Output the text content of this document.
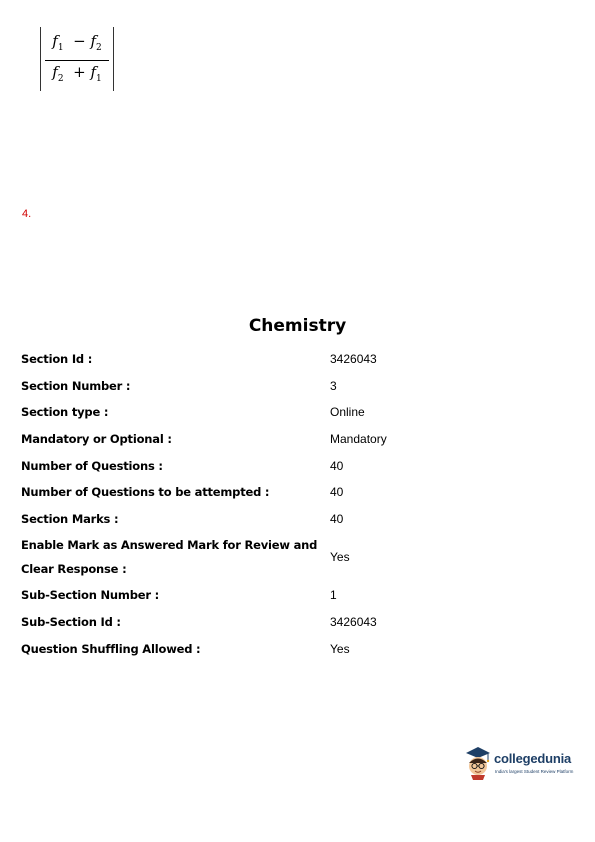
$f_1 - f_2$
$f_2 + f_1$
4.
Chemistry
Section Id :	3426043
Section Number :	3
Section type :	Online
Mandatory or Optional :	Mandatory
Number of Questions :	40
Number of Questions to be attempted :	40
Section Marks :	40
Enable Mark as Answered Mark for Review and
Clear Response :	Yes
Sub-Section Number :	1
Sub-Section Id :	3426043
Question Shuffling Allowed :	Yes
collegedunia
India's largest Student Review Platform
